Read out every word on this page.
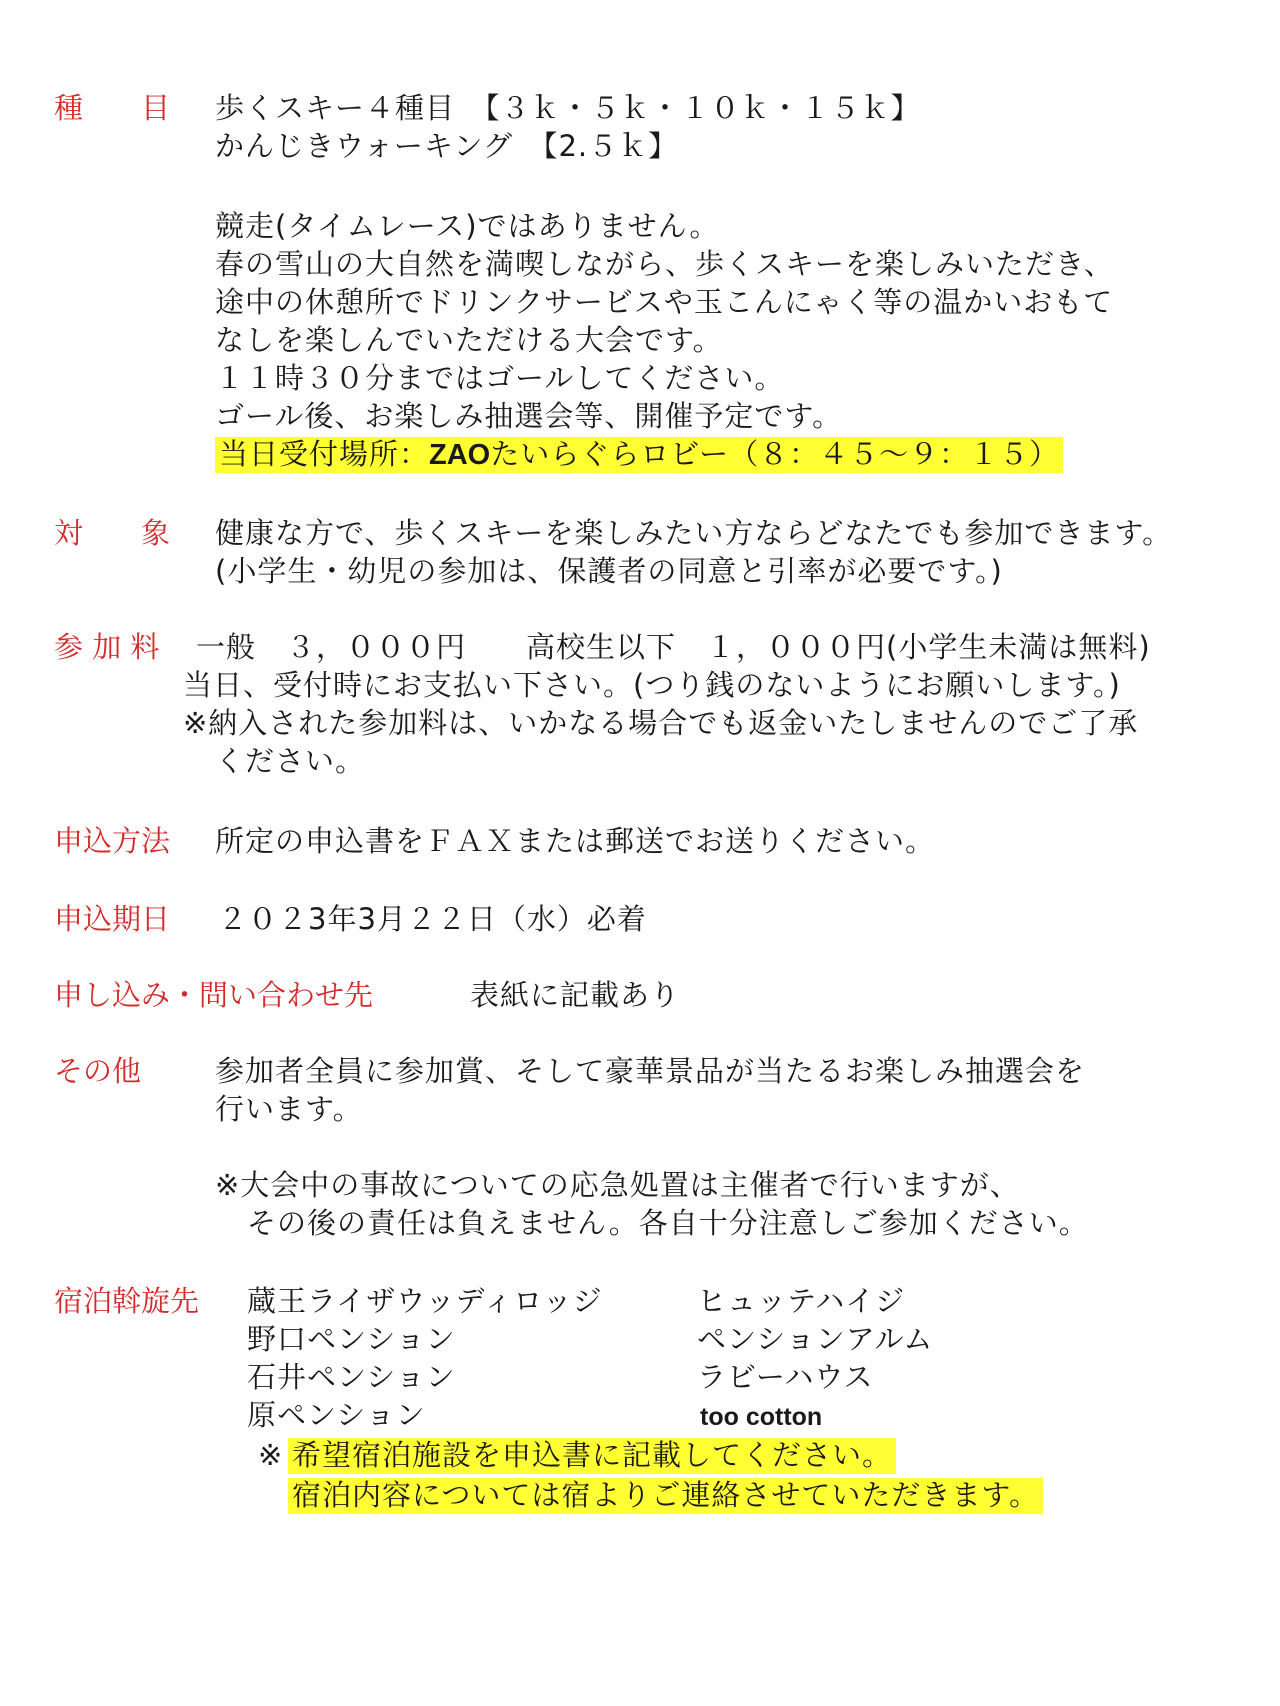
種　　目 歩くスキー４種目　【３ｋ・５ｋ・１０ｋ・１５ｋ】
かんじきウォーキング　【2.５ｋ】
競走(タイムレース)ではありません。
春の雪山の大自然を満喫しながら、歩くスキーを楽しみいただき、
途中の休憩所でドリンクサービスや玉こんにゃく等の温かいおもて
なしを楽しんでいただける大会です。
１１時３０分まではゴールしてください。
ゴール後、お楽しみ抽選会等、開催予定です。
当日受付場所：ZAOたいらぐらロビー（８：４５～９：１５）
対　　象 健康な方で、歩くスキーを楽しみたい方ならどなたでも参加できます。
(小学生・幼児の参加は、保護者の同意と引率が必要です。)
参 加 料 一般　３，０００円　　高校生以下　１，０００円(小学生未満は無料)
当日、受付時にお支払い下さい。(つり銭のないようにお願いします。)
※納入された参加料は、いかなる場合でも返金いたしませんのでご了承
ください。
申込方法 所定の申込書をＦＡＸまたは郵送でお送りください。
申込期日 ２０２3年3月２２日（水）必着
申し込み・問い合わせ先	表紙に記載あり
その他	参加者全員に参加賞、そして豪華景品が当たるお楽しみ抽選会を
行います。
※大会中の事故についての応急処置は主催者で行いますが、
その後の責任は負えません。各自十分注意しご参加ください。
宿泊斡旋先 蔵王ライザウッディロッジ
野口ペンション
石井ペンション
原ペンション
ヒュッテハイジ
ペンションアルム
ラビーハウス
too cotton
※ 希望宿泊施設を申込書に記載してください。
宿泊内容については宿よりご連絡させていただきます。
